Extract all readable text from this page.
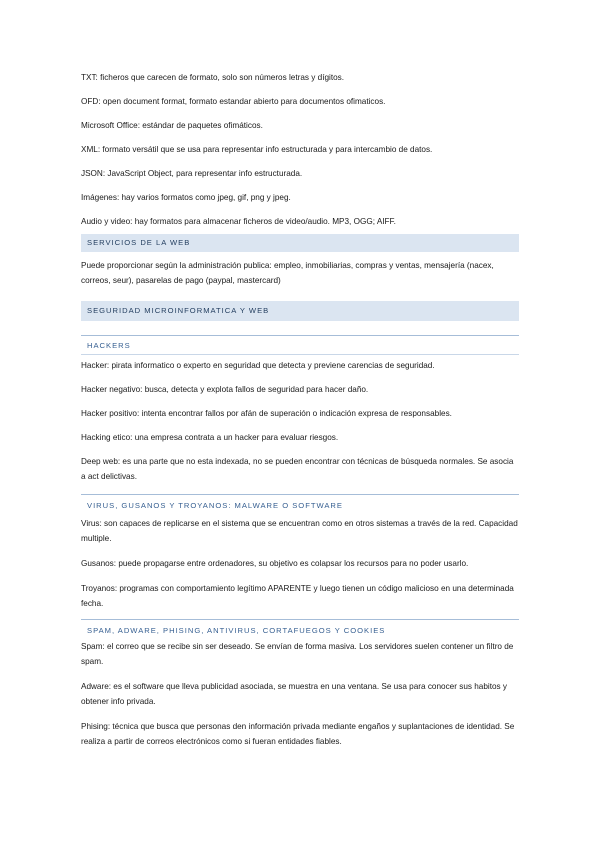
TXT: ficheros que carecen de formato, solo son números letras y dígitos.

OFD: open document format, formato estandar abierto para documentos ofimaticos.

Microsoft Office: estándar de paquetes ofimáticos.

XML: formato versátil que se usa para representar info estructurada y para intercambio de datos.

JSON: JavaScript Object, para representar info estructurada.

Imágenes: hay varios formatos como jpeg, gif, png y jpeg.

Audio y video: hay formatos para almacenar ficheros de video/audio. MP3, OGG; AIFF.

SERVICIOS DE LA WEB

Puede proporcionar según la administración publica: empleo, inmobiliarias, compras y ventas, mensajería (nacex, correos, seur), pasarelas de pago (paypal, mastercard)

SEGURIDAD MICROINFORMATICA Y WEB
HACKERS

Hacker: pirata informatico o experto en seguridad que detecta y previene carencias de seguridad.

Hacker negativo: busca, detecta y explota fallos de seguridad para hacer daño.

Hacker positivo: intenta encontrar fallos por afán de superación o indicación expresa de responsables.

Hacking etico: una empresa contrata a un hacker para evaluar riesgos.

Deep web: es una parte que no esta indexada, no se pueden encontrar con técnicas de búsqueda normales. Se asocia a act delictivas.

VIRUS, GUSANOS Y TROYANOS: MALWARE O SOFTWARE

Virus: son capaces de replicarse en el sistema que se encuentran como en otros sistemas a través de la red. Capacidad multiple.

Gusanos: puede propagarse entre ordenadores, su objetivo es colapsar los recursos para no poder usarlo.

Troyanos: programas con comportamiento legítimo APARENTE y luego tienen un código malicioso en una determinada fecha.

SPAM, ADWARE, PHISING, ANTIVIRUS, CORTAFUEGOS Y COOKIES

Spam: el correo que se recibe sin ser deseado. Se envían de forma masiva. Los servidores suelen contener un filtro de spam.

Adware: es el software que lleva publicidad asociada, se muestra en una ventana. Se usa para conocer sus habitos y obtener info privada.

Phising: técnica que busca que personas den información privada mediante engaños y suplantaciones de identidad. Se realiza a partir de correos electrónicos como si fueran entidades fiables.
